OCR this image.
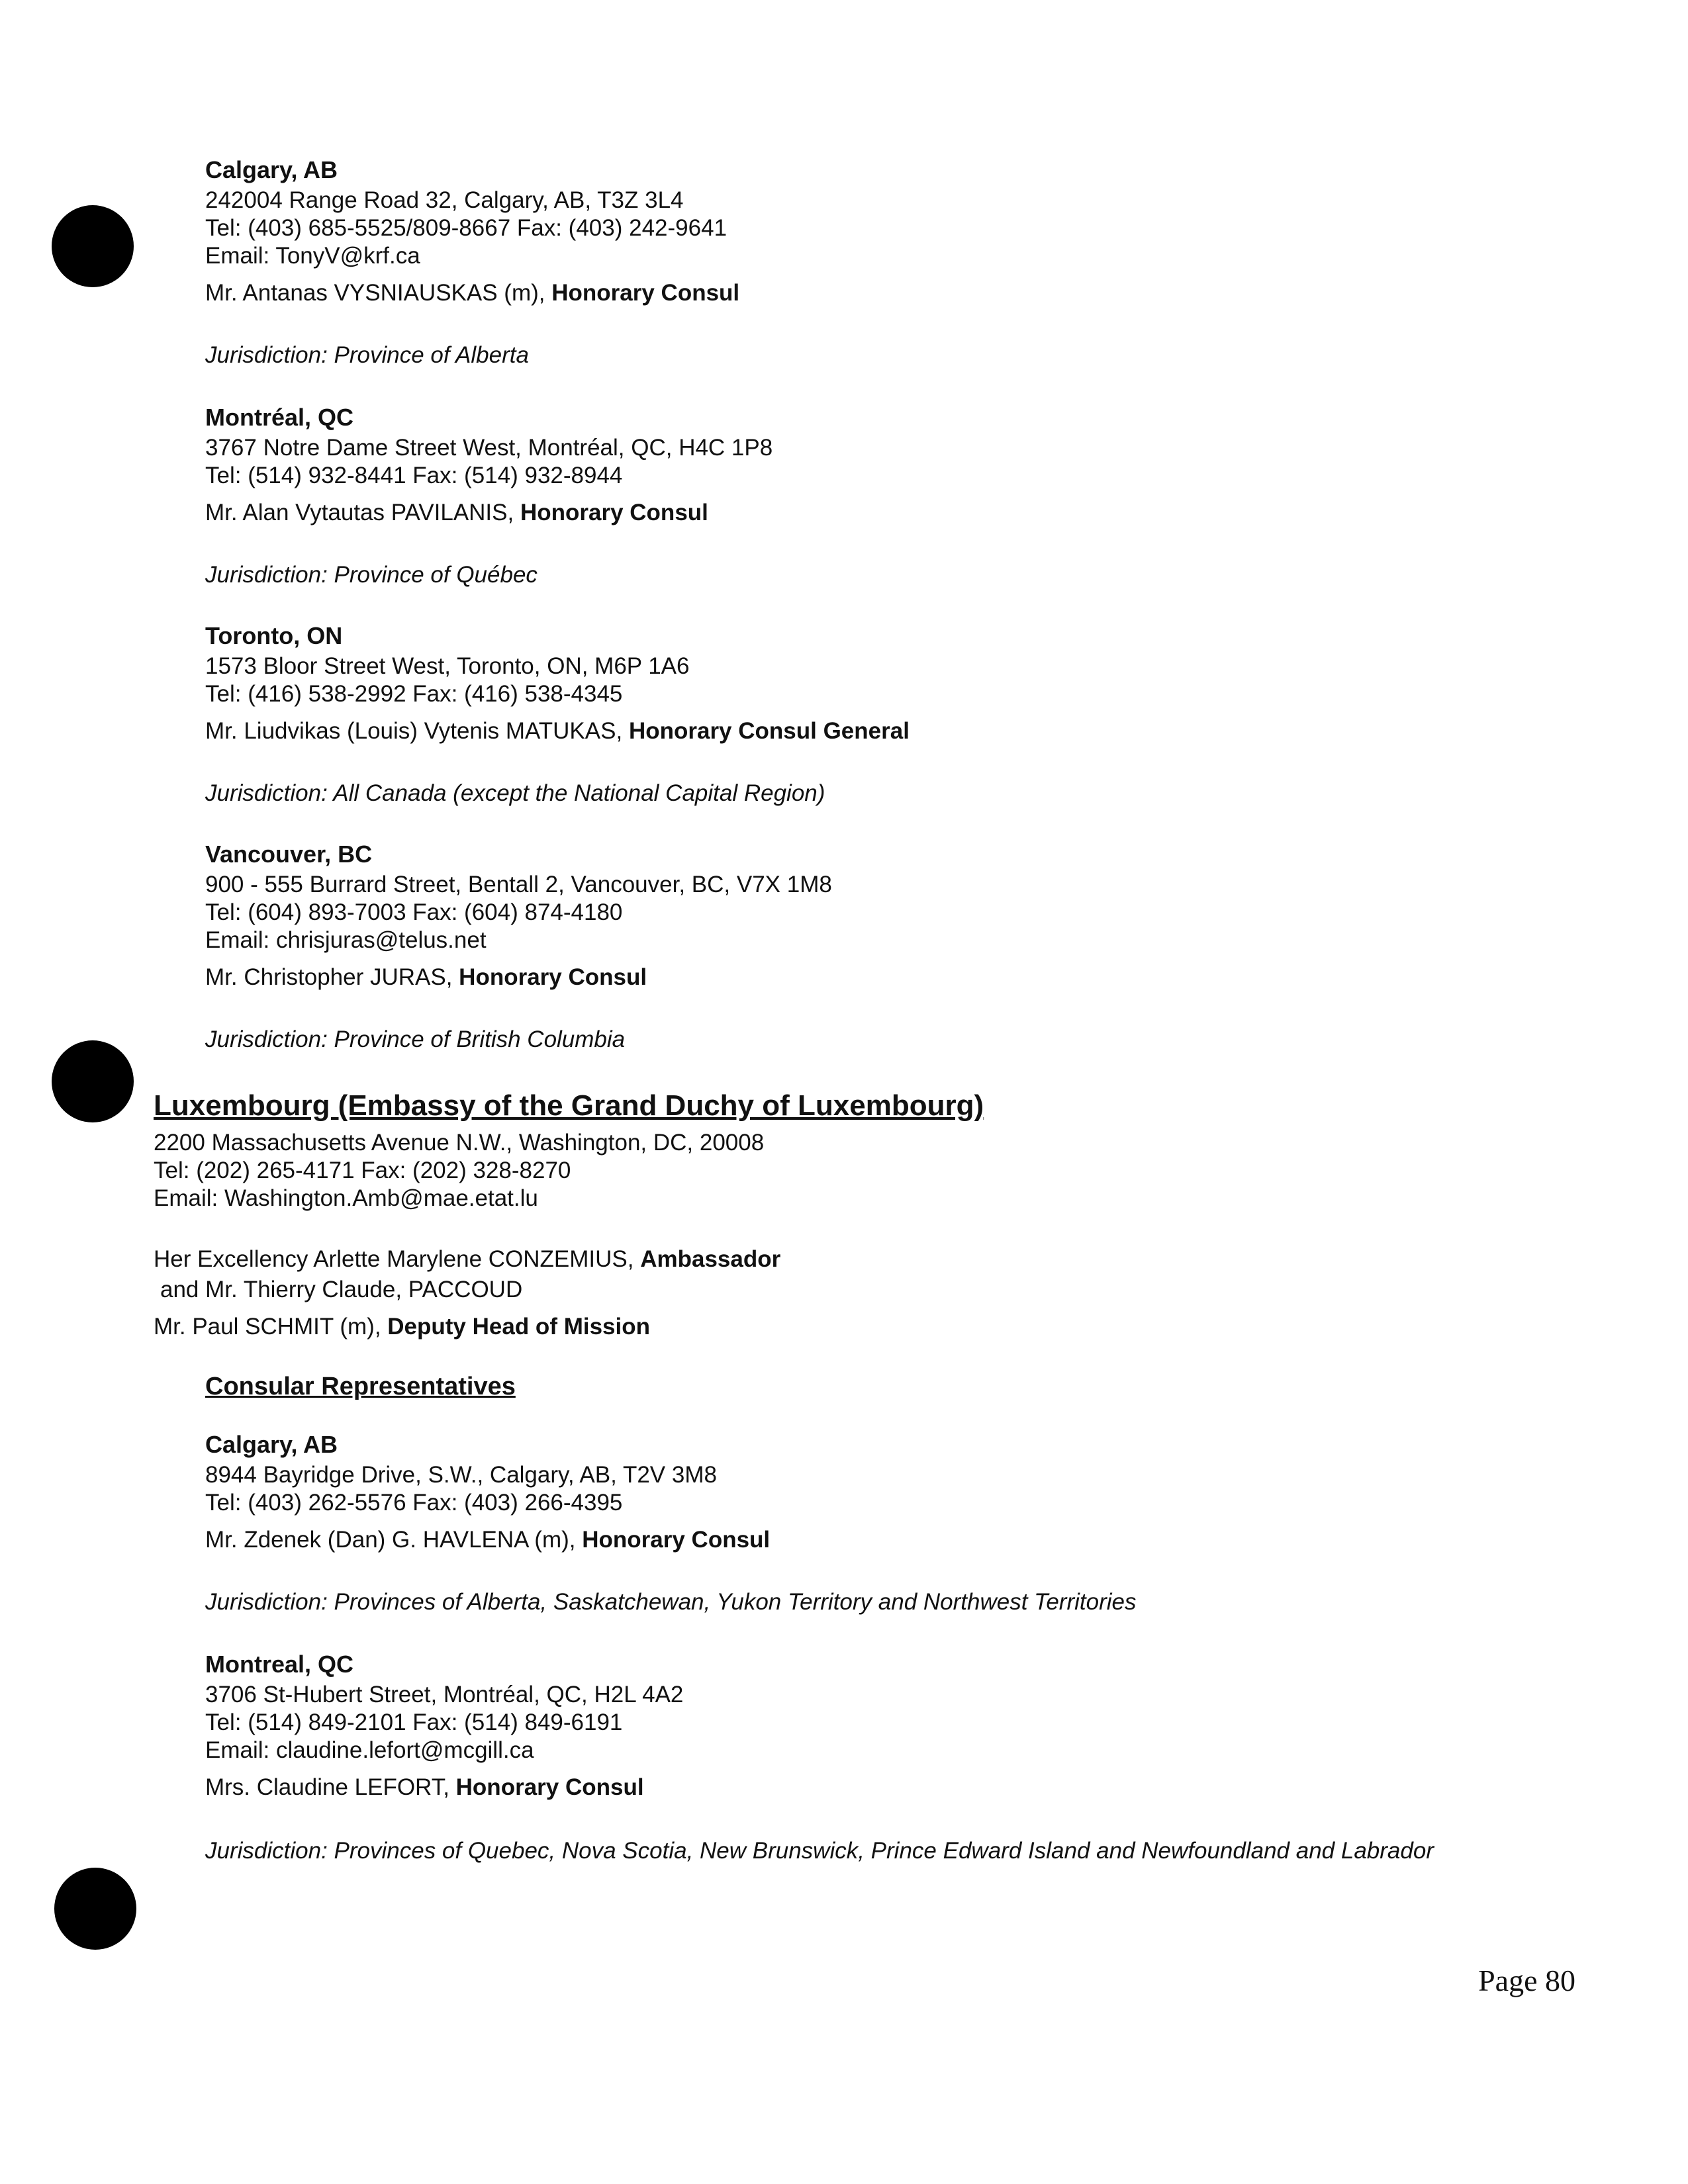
Calgary, AB
242004 Range Road 32, Calgary, AB, T3Z 3L4
Tel: (403) 685-5525/809-8667 Fax: (403) 242-9641
Email: TonyV@krf.ca
Mr. Antanas VYSNIAUSKAS (m), Honorary Consul
Jurisdiction: Province of Alberta
Montréal, QC
3767 Notre Dame Street West, Montréal, QC, H4C 1P8
Tel: (514) 932-8441 Fax: (514) 932-8944
Mr. Alan Vytautas PAVILANIS, Honorary Consul
Jurisdiction: Province of Québec
Toronto, ON
1573 Bloor Street West, Toronto, ON, M6P 1A6
Tel: (416) 538-2992 Fax: (416) 538-4345
Mr. Liudvikas (Louis) Vytenis MATUKAS, Honorary Consul General
Jurisdiction: All Canada (except the National Capital Region)
Vancouver, BC
900 - 555 Burrard Street, Bentall 2, Vancouver, BC, V7X 1M8
Tel: (604) 893-7003 Fax: (604) 874-4180
Email: chrisjuras@telus.net
Mr. Christopher JURAS, Honorary Consul
Jurisdiction: Province of British Columbia
Luxembourg (Embassy of the Grand Duchy of Luxembourg)
2200 Massachusetts Avenue N.W., Washington, DC, 20008
Tel: (202) 265-4171 Fax: (202) 328-8270
Email: Washington.Amb@mae.etat.lu
Her Excellency Arlette Marylene CONZEMIUS, Ambassador
and Mr. Thierry Claude, PACCOUD
Mr. Paul SCHMIT (m), Deputy Head of Mission
Consular Representatives
Calgary, AB
8944 Bayridge Drive, S.W., Calgary, AB, T2V 3M8
Tel: (403) 262-5576 Fax: (403) 266-4395
Mr. Zdenek (Dan) G. HAVLENA (m), Honorary Consul
Jurisdiction: Provinces of Alberta, Saskatchewan, Yukon Territory and Northwest Territories
Montreal, QC
3706 St-Hubert Street, Montréal, QC, H2L 4A2
Tel: (514) 849-2101 Fax: (514) 849-6191
Email: claudine.lefort@mcgill.ca
Mrs. Claudine LEFORT, Honorary Consul
Jurisdiction: Provinces of Quebec, Nova Scotia, New Brunswick, Prince Edward Island and Newfoundland and Labrador
Page 80
